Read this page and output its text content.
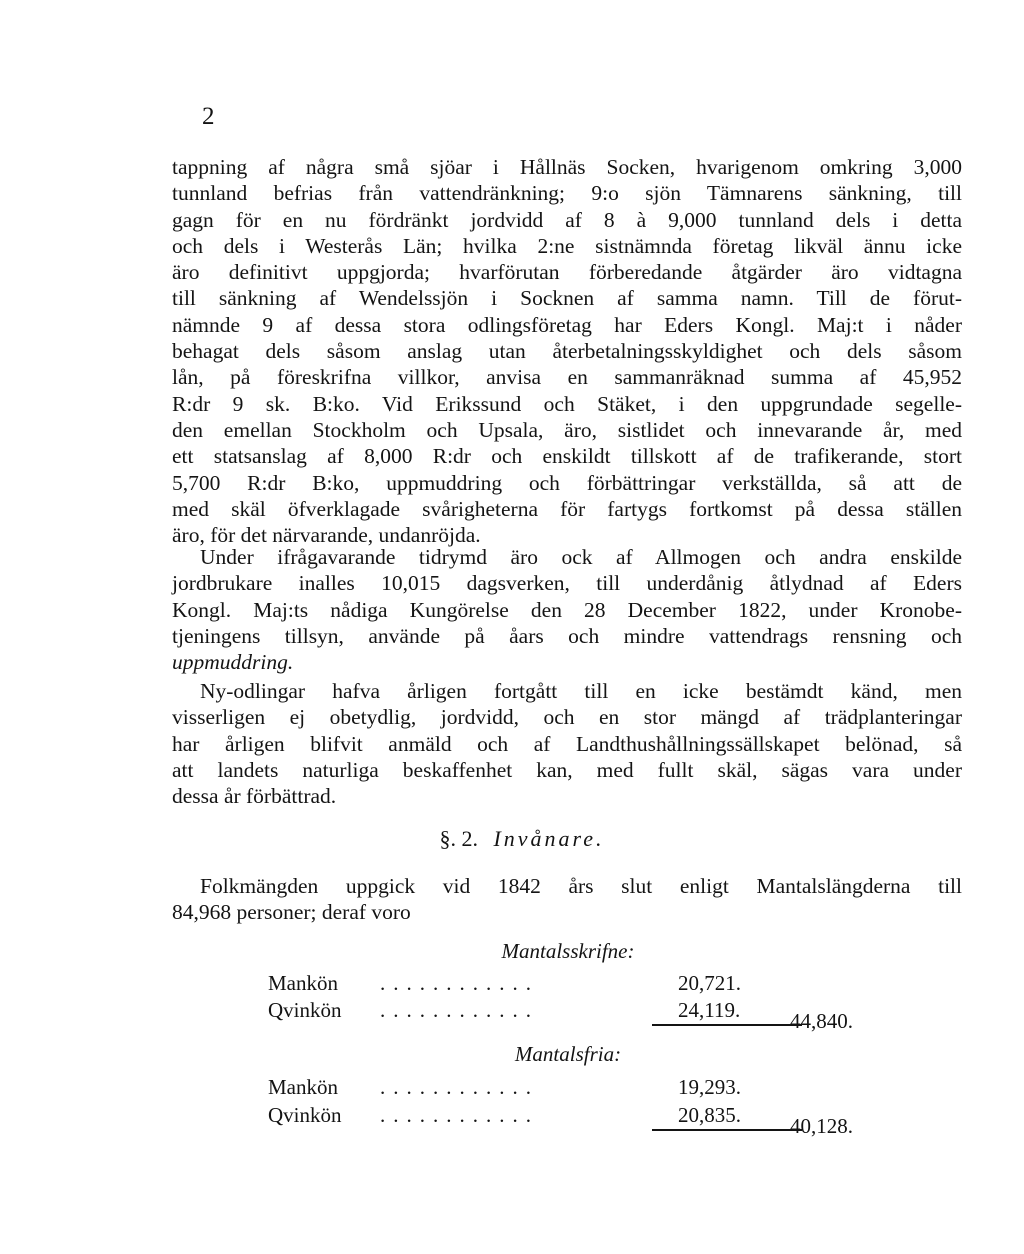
2
tappning af några små sjöar i Hållnäs Socken, hvarigenom omkring 3,000
tunnland befrias från vattendränkning; 9:o sjön Tämnarens sänkning, till
gagn för en nu fördränkt jordvidd af 8 à 9,000 tunnland dels i detta
och dels i Westerås Län; hvilka 2:ne sistnämnda företag likväl ännu icke
äro definitivt uppgjorda; hvarförutan förberedande åtgärder äro vidtagna
till sänkning af Wendelssjön i Socknen af samma namn. Till de förut-
nämnde 9 af dessa stora odlingsföretag har Eders Kongl. Maj:t i nåder
behagat dels såsom anslag utan återbetalningsskyldighet och dels såsom
lån, på föreskrifna villkor, anvisa en sammanräknad summa af 45,952
R:dr 9 sk. B:ko. Vid Erikssund och Stäket, i den uppgrundade segelle-
den emellan Stockholm och Upsala, äro, sistlidet och innevarande år, med
ett statsanslag af 8,000 R:dr och enskildt tillskott af de trafikerande, stort
5,700 R:dr B:ko, uppmuddring och förbättringar verkställda, så att de
med skäl öfverklagade svårigheterna för fartygs fortkomst på dessa ställen
äro, för det närvarande, undanröjda.
Under ifrågavarande tidrymd äro ock af Allmogen och andra enskilde
jordbrukare inalles 10,015 dagsverken, till underdånig åtlydnad af Eders
Kongl. Maj:ts nådiga Kungörelse den 28 December 1822, under Kronobe-
tjeningens tillsyn, använde på åars och mindre vattendrags rensning och
uppmuddring.
Ny-odlingar hafva årligen fortgått till en icke bestämdt känd, men
visserligen ej obetydlig, jordvidd, och en stor mängd af trädplanteringar
har årligen blifvit anmäld och af Landthushållningssällskapet belönad, så
att landets naturliga beskaffenhet kan, med fullt skäl, sägas vara under
dessa år förbättrad.
§. 2. Invånare.
Folkmängden uppgick vid 1842 års slut enligt Mantalslängderna till
84,968 personer; deraf voro
Mantalsskrifne:
Mankön ............	20,721.
Qvinkön ............	24,119.	44,840.
Mantalsfria:
Mankön ............	19,293.
Qvinkön ............	20,835.	40,128.
